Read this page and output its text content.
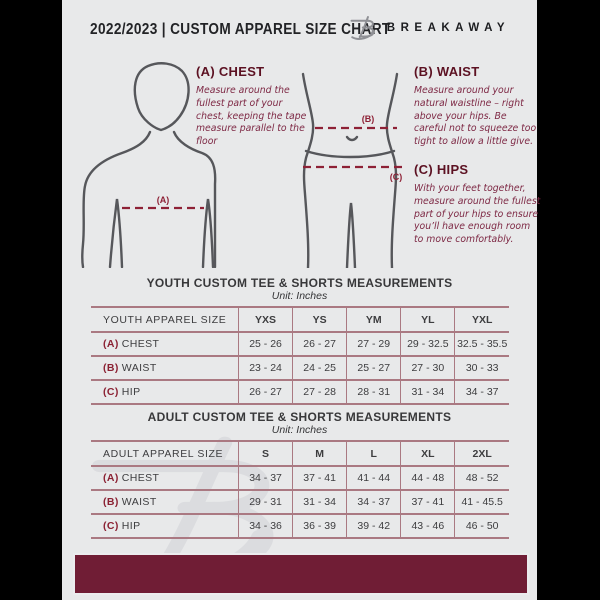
2022/2023 | CUSTOM APPAREL SIZE CHART
BREAKAWAY
(A)
(B)
(C)
(A) CHEST

Measure around the fullest part of your chest, keeping the tape measure parallel to the floor

(B) WAIST

Measure around your natural waistline – right above your hips. Be careful not to squeeze too tight to allow a little give.

(C) HIPS

With your feet together, measure around the fullest part of your hips to ensure you’ll have enough room to move comfortably.

YOUTH CUSTOM TEE & SHORTS MEASUREMENTS
Unit: Inches
YOUTH APPAREL SIZE	YXS	YS	YM	YL	YXL
(A) CHEST	25 - 26	26 - 27	27 - 29	29 - 32.5	32.5 - 35.5
(B) WAIST	23 - 24	24 - 25	25 - 27	27 - 30	30 - 33
(C) HIP	26 - 27	27 - 28	28 - 31	31 - 34	34 - 37
ADULT CUSTOM TEE & SHORTS MEASUREMENTS
Unit: Inches
ADULT APPAREL SIZE	S	M	L	XL	2XL
(A) CHEST	34 - 37	37 - 41	41 - 44	44 - 48	48 - 52
(B) WAIST	29 - 31	31 - 34	34 - 37	37 - 41	41 - 45.5
(C) HIP	34 - 36	36 - 39	39 - 42	43 - 46	46 - 50
